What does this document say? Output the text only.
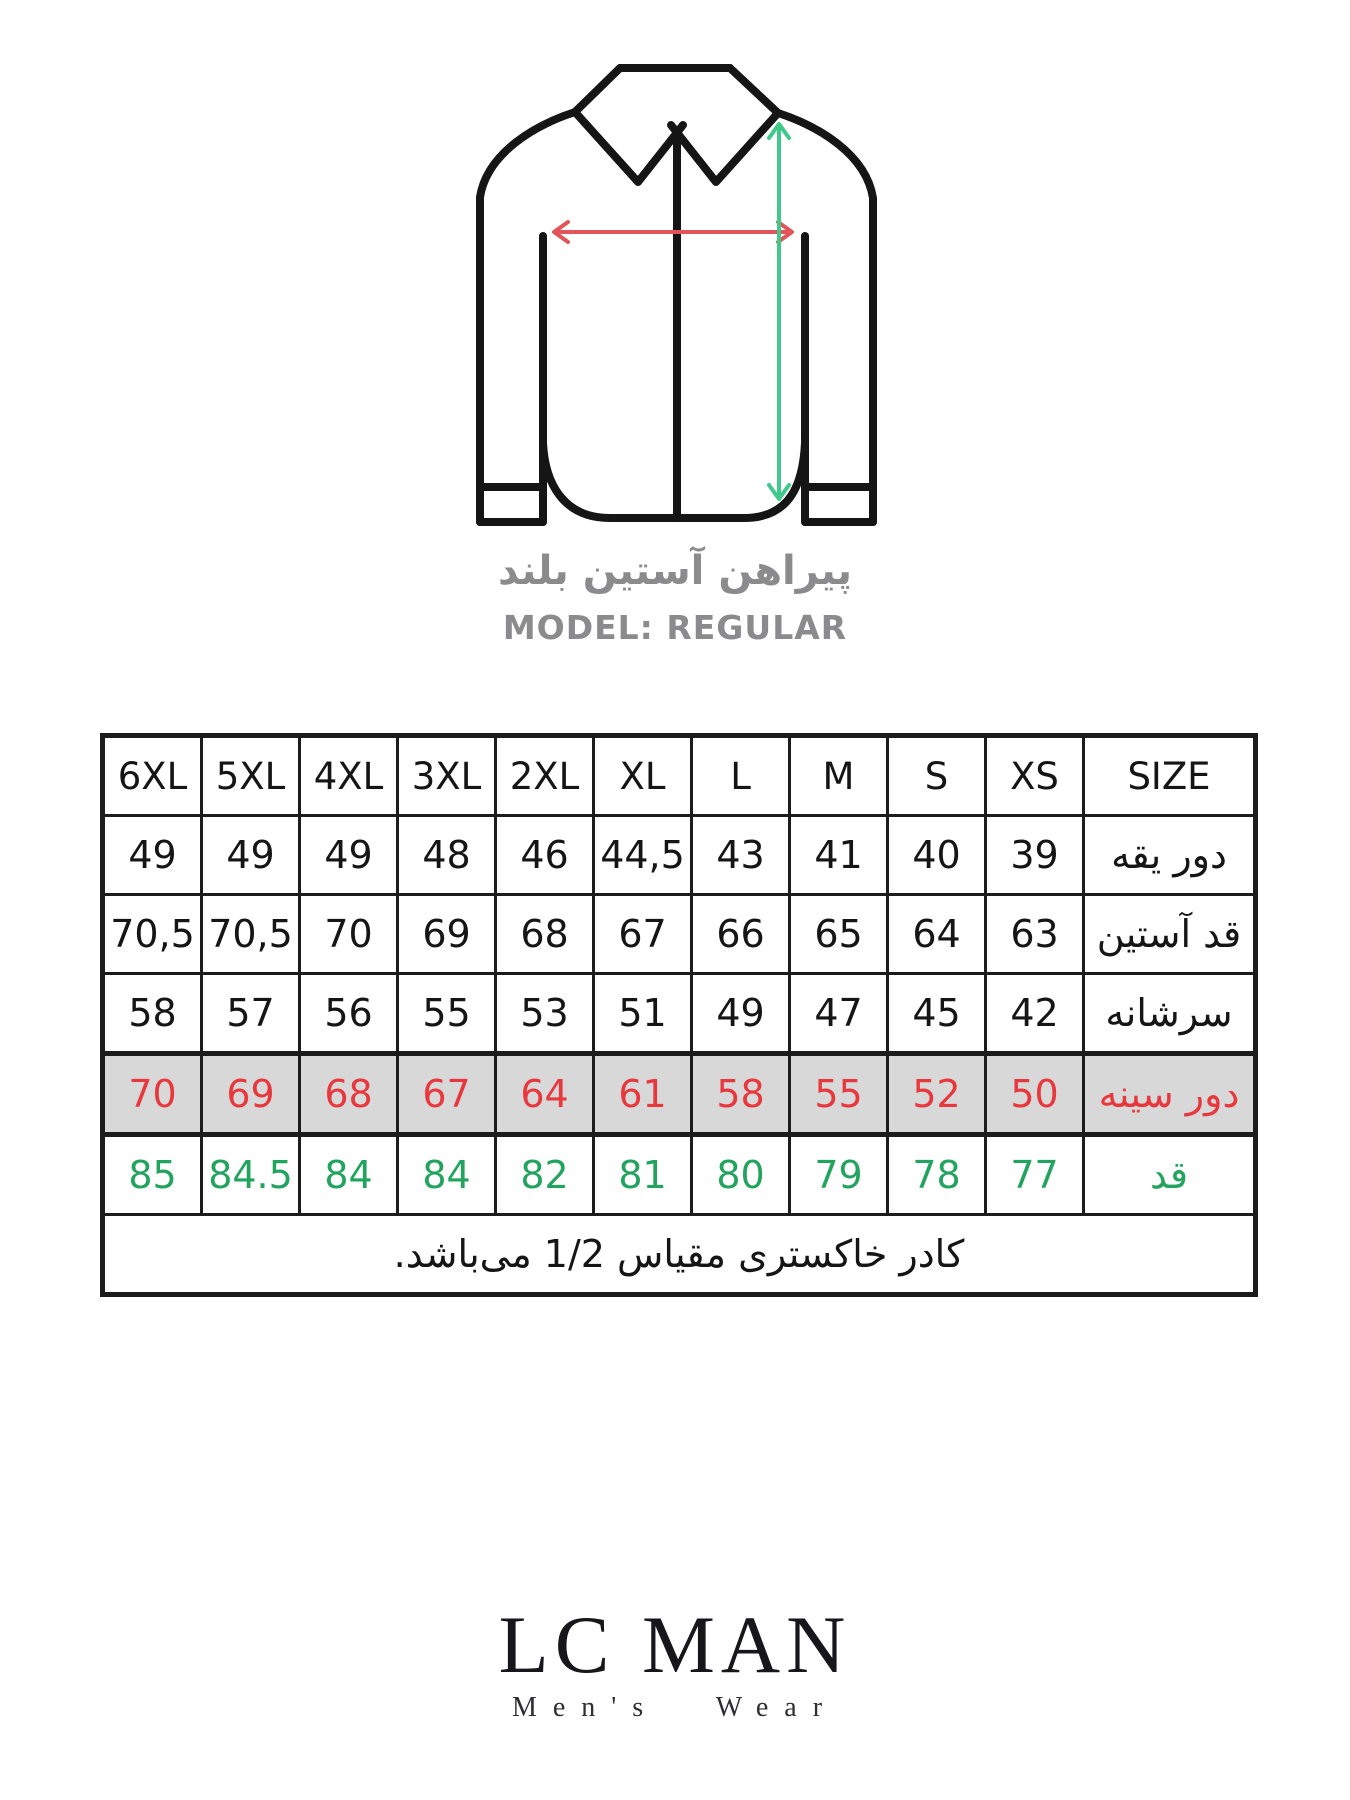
پیراهن آستین بلند
MODEL: REGULAR
6XL	5XL	4XL	3XL	2XL	XL	L	M	S	XS	SIZE
49	49	49	48	46	44,5	43	41	40	39	دور یقه
70,5	70,5	70	69	68	67	66	65	64	63	قد آستین
58	57	56	55	53	51	49	47	45	42	سرشانه
70	69	68	67	64	61	58	55	52	50	دور سینه
85	84.5	84	84	82	81	80	79	78	77	قد
کادر خاکستری مقیاس 1/2 می‌باشد.										
LC MAN
Men's Wear
